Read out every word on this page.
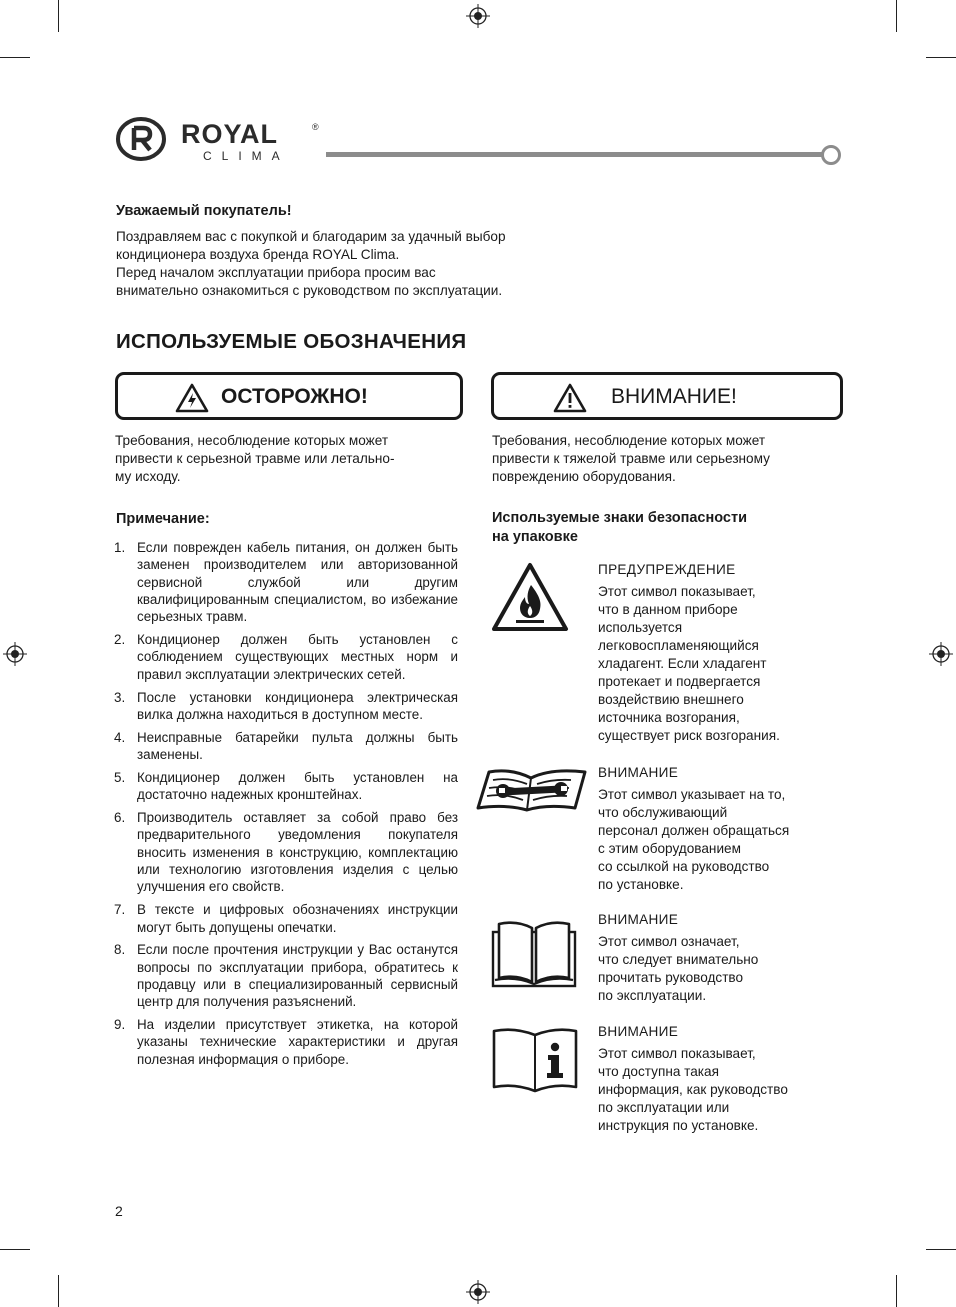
ROYAL	®
CLIMA
Уважаемый покупатель!
Поздравляем вас с покупкой и благодарим за удачный выбор
кондиционера воздуха бренда ROYAL Clima.
Перед началом эксплуатации прибора просим вас
внимательно ознакомиться с руководством по эксплуатации.
ИСПОЛЬЗУЕМЫЕ ОБОЗНАЧЕНИЯ
ОСТОРОЖНО!
Требования, несоблюдение которых может
привести к серьезной травме или летально-
му исходу.
ВНИМАНИЕ!
Требования, несоблюдение которых может
привести к тяжелой травме или серьезному
повреждению оборудования.
Примечание:
1. Если поврежден кабель питания, он должен быть заменен производителем или авторизованной сервисной службой или другим квалифицированным специалистом, во избежание серьезных травм.
2. Кондиционер должен быть установлен с соблюдением существующих местных норм и правил эксплуатации электрических сетей.
3. После установки кондиционера электрическая вилка должна находиться в доступном месте.
4. Неисправные батарейки пульта должны быть заменены.
5. Кондиционер должен быть установлен на достаточно надежных кронштейнах.
6. Производитель оставляет за собой право без предварительного уведомления покупателя вносить изменения в конструкцию, комплектацию или технологию изготовления изделия с целью улучшения его свойств.
7. В тексте и цифровых обозначениях инструкции могут быть допущены опечатки.
8. Если после прочтения инструкции у Вас останутся вопросы по эксплуатации прибора, обратитесь к продавцу или в специализированный сервисный центр для получения разъяснений.
9. На изделии присутствует этикетка, на которой указаны технические характеристики и другая полезная информация о приборе.
Используемые знаки безопасности
на упаковке
ПРЕДУПРЕЖДЕНИЕ
Этот символ показывает,
что в данном приборе
используется
легковоспламеняющийся
хладагент. Если хладагент
протекает и подвергается
воздействию внешнего
источника возгорания,
существует риск возгорания.
ВНИМАНИЕ
Этот символ указывает на то,
что обслуживающий
персонал должен обращаться
с этим оборудованием
со ссылкой на руководство
по установке.
ВНИМАНИЕ
Этот символ означает,
что следует внимательно
прочитать руководство
по эксплуатации.
ВНИМАНИЕ
Этот символ показывает,
что доступна такая
информация, как руководство
по эксплуатации или
инструкция по установке.
2
